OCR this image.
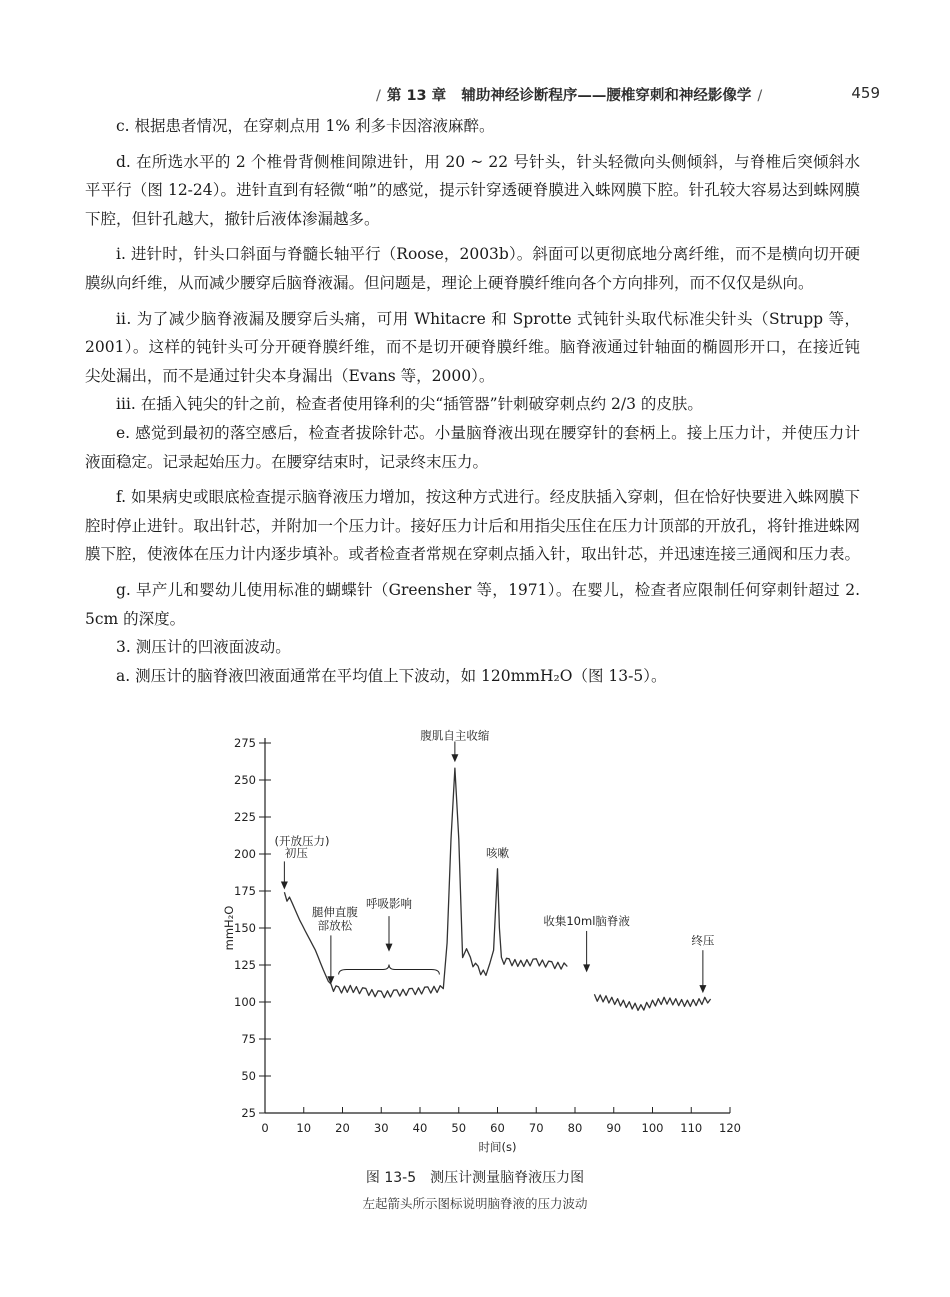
/ 第 13 章 辅助神经诊断程序——腰椎穿刺和神经影像学 /	459

c. 根据患者情况，在穿刺点用 1% 利多卡因溶液麻醉。

d. 在所选水平的 2 个椎骨背侧椎间隙进针，用 20 ~ 22 号针头，针头轻微向头侧倾斜，与脊椎后突倾斜水平平行（图 12-24）。进针直到有轻微“啪”的感觉，提示针穿透硬脊膜进入蛛网膜下腔。针孔较大容易达到蛛网膜下腔，但针孔越大，撤针后液体渗漏越多。

ⅰ. 进针时，针头口斜面与脊髓长轴平行（Roose，2003b）。斜面可以更彻底地分离纤维，而不是横向切开硬膜纵向纤维，从而减少腰穿后脑脊液漏。但问题是，理论上硬脊膜纤维向各个方向排列，而不仅仅是纵向。

ⅱ. 为了减少脑脊液漏及腰穿后头痛，可用 Whitacre 和 Sprotte 式钝针头取代标准尖针头（Strupp 等，2001）。这样的钝针头可分开硬脊膜纤维，而不是切开硬脊膜纤维。脑脊液通过针轴面的椭圆形开口，在接近钝尖处漏出，而不是通过针尖本身漏出（Evans 等，2000）。

ⅲ. 在插入钝尖的针之前，检查者使用锋利的尖“插管器”针刺破穿刺点约 2/3 的皮肤。

e. 感觉到最初的落空感后，检查者拔除针芯。小量脑脊液出现在腰穿针的套柄上。接上压力计，并使压力计液面稳定。记录起始压力。在腰穿结束时，记录终末压力。

f. 如果病史或眼底检查提示脑脊液压力增加，按这种方式进行。经皮肤插入穿刺，但在恰好快要进入蛛网膜下腔时停止进针。取出针芯，并附加一个压力计。接好压力计后和用指尖压住在压力计顶部的开放孔，将针推进蛛网膜下腔，使液体在压力计内逐步填补。或者检查者常规在穿刺点插入针，取出针芯，并迅速连接三通阀和压力表。

g. 早产儿和婴幼儿使用标准的蝴蝶针（Greensher 等，1971）。在婴儿，检查者应限制任何穿刺针超过 2. 5cm 的深度。

3. 测压计的凹液面波动。

a. 测压计的脑脊液凹液面通常在平均值上下波动，如 120mmH₂O（图 13-5）。

25
50
75
100
125
150
175
200
225
250
275
0 10 20 30 40 50 60 70 80 90 100 110 120
时间(s)
mmH₂O
(开放压力)
初压
腿伸直腹
部放松
呼吸影响
腹肌自主收缩
咳嗽
收集10ml脑脊液
终压
图 13-5　测压计测量脑脊液压力图
左起箭头所示图标说明脑脊液的压力波动
